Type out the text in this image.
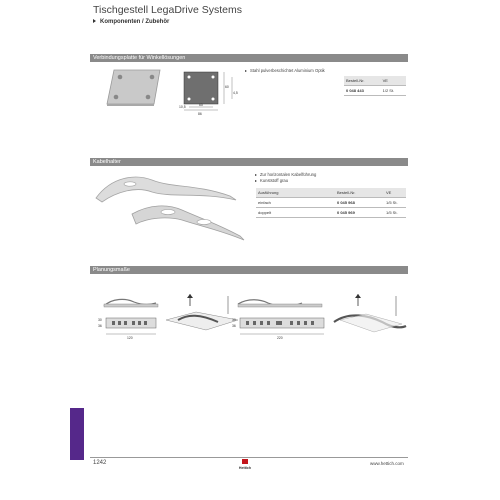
Tischgestell LegaDrive Systems
Komponenten / Zubehör
Verbindungsplatte für Winkellösungen
86
65
10,5
60
4,5
Stahl pulverbeschichtet Aluminium Optik
Bestell-Nr.	VE
0 048 443	1/2 St.
Kabelhalter
Zur horizontalen Kabelführung
Kunststoff grau
Ausführung	Bestell-Nr.	VE
einfach	0 045 968	1/5 St.
doppelt	0 045 969	1/5 St.
Planungsmaße
120
30
36
220
30
36
1242
Hettich
www.hettich.com
